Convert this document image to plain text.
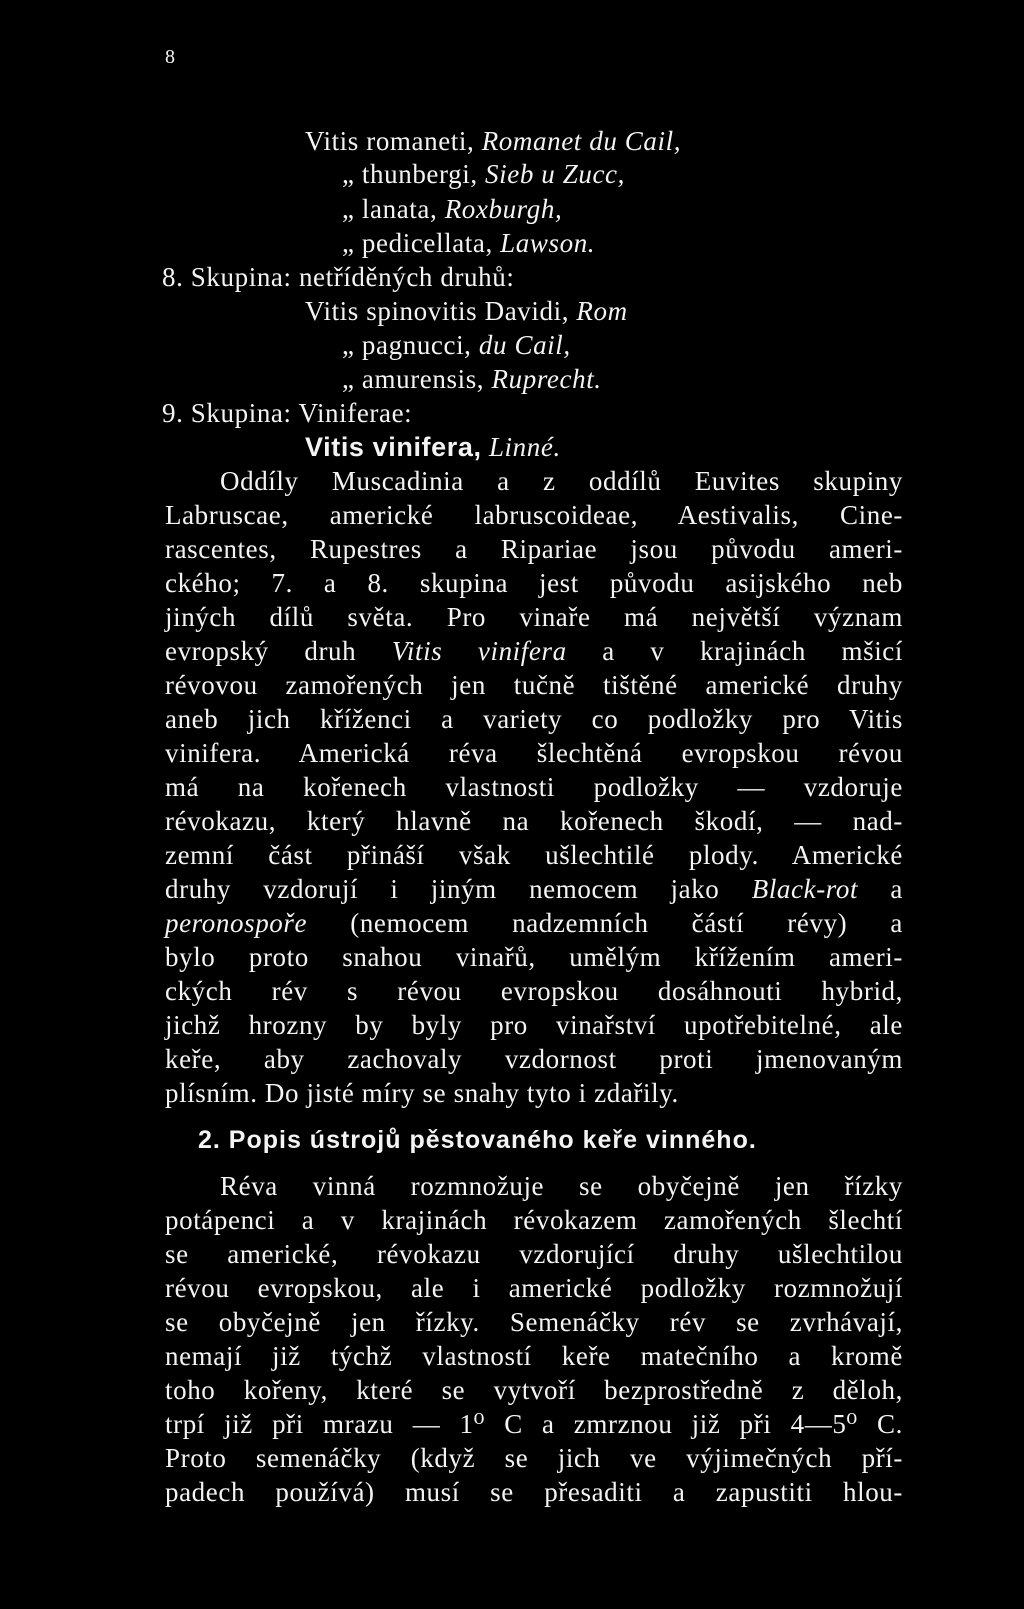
8
Vitis romaneti, Romanet du Cail,
„ thunbergi, Sieb u Zucc,
„ lanata, Roxburgh,
„ pedicellata, Lawson.
8. Skupina: netříděných druhů:
Vitis spinovitis Davidi, Rom
„ pagnucci, du Cail,
„ amurensis, Ruprecht.
9. Skupina: Viniferae:
Vitis vinifera, Linné.
Oddíly Muscadinia a z oddílů Euvites skupiny
Labruscae, americké labruscoideae, Aestivalis, Cine-
rascentes, Rupestres a Ripariae jsou původu ameri-
ckého; 7. a 8. skupina jest původu asijského neb
jiných dílů světa. Pro vinaře má největší význam
evropský druh Vitis vinifera a v krajinách mšicí
révovou zamořených jen tučně tištěné americké druhy
aneb jich kříženci a variety co podložky pro Vitis
vinifera. Americká réva šlechtěná evropskou révou
má na kořenech vlastnosti podložky — vzdoruje
révokazu, který hlavně na kořenech škodí, — nad-
zemní část přináší však ušlechtilé plody. Americké
druhy vzdorují i jiným nemocem jako Black-rot a
peronospoře (nemocem nadzemních částí révy) a
bylo proto snahou vinařů, umělým křížením ameri-
ckých rév s révou evropskou dosáhnouti hybrid,
jichž hrozny by byly pro vinařství upotřebitelné, ale
keře, aby zachovaly vzdornost proti jmenovaným
plísním. Do jisté míry se snahy tyto i zdařily.
2. Popis ústrojů pěstovaného keře vinného.
Réva vinná rozmnožuje se obyčejně jen řízky
potápenci a v krajinách révokazem zamořených šlechtí
se americké, révokazu vzdorující druhy ušlechtilou
révou evropskou, ale i americké podložky rozmnožují
se obyčejně jen řízky. Semenáčky rév se zvrhávají,
nemají již týchž vlastností keře matečního a kromě
toho kořeny, které se vytvoří bezprostředně z děloh,
trpí již při mrazu — 1⁰ C a zmrznou již při 4—5⁰ C.
Proto semenáčky (když se jich ve výjimečných pří-
padech používá) musí se přesaditi a zapustiti hlou-
